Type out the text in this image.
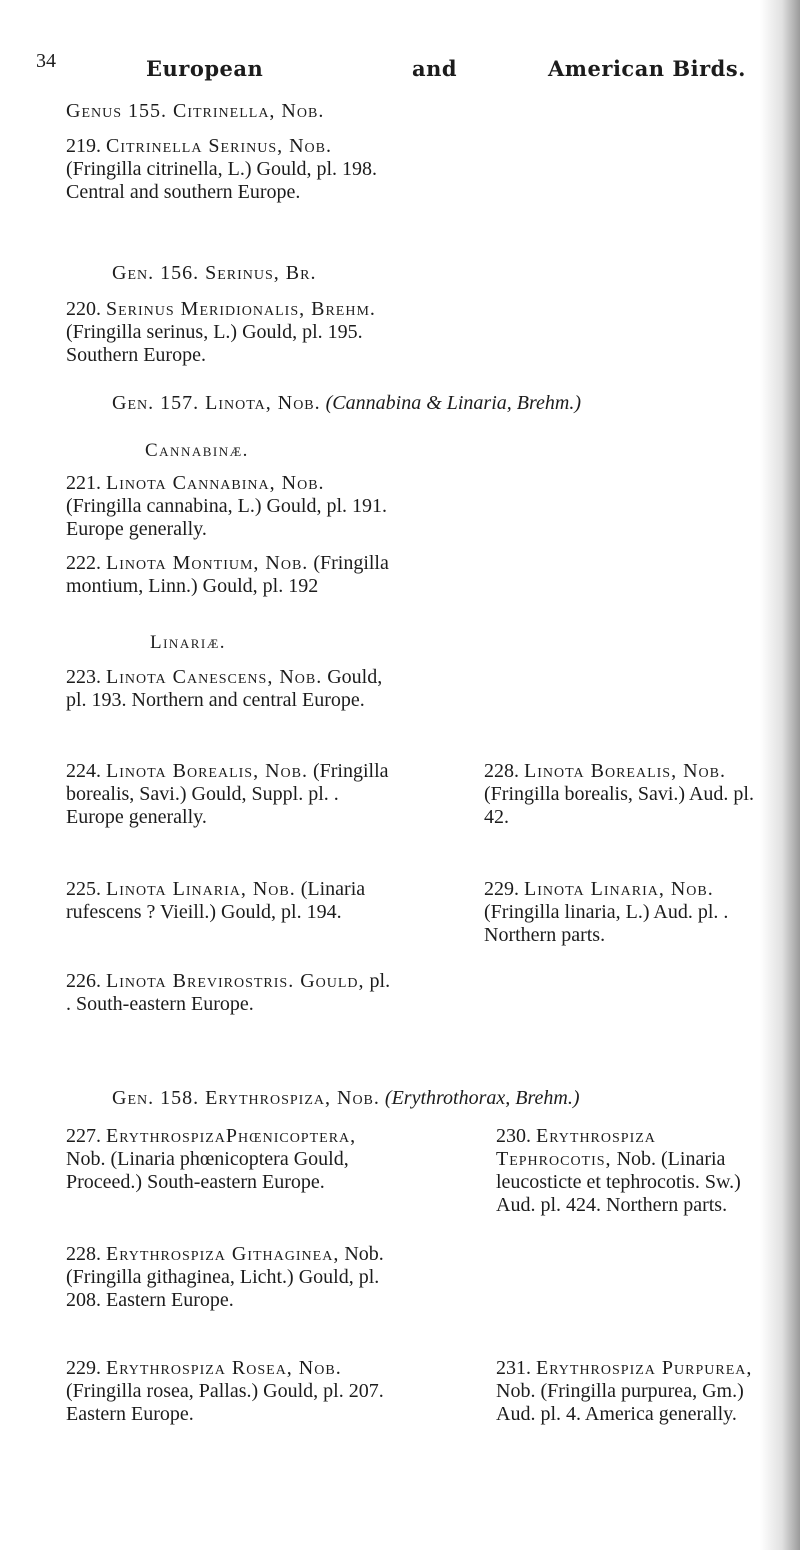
34	European	and	American Birds.
Genus 155. Citrinella, Nob.
219. Citrinella Serinus, Nob. (Fringilla citrinella, L.) Gould, pl. 198. Central and southern Europe.
Gen. 156. Serinus, Br.
220. Serinus Meridionalis, Brehm. (Fringilla serinus, L.) Gould, pl. 195. Southern Europe.
Gen. 157. Linota, Nob. (Cannabina & Linaria, Brehm.)
Cannabinæ.
221. Linota Cannabina, Nob. (Fringilla cannabina, L.) Gould, pl. 191. Europe generally.
222. Linota Montium, Nob. (Fringilla montium, Linn.) Gould, pl. 192
Linariæ.
223. Linota Canescens, Nob. Gould, pl. 193. Northern and central Europe.
224. Linota Borealis, Nob. (Fringilla borealis, Savi.) Gould, Suppl. pl. . Europe generally.
225. Linota Linaria, Nob. (Linaria rufescens ? Vieill.) Gould, pl. 194.
226. Linota Brevirostris. Gould, pl. . South-eastern Europe.
228. Linota Borealis, Nob. (Fringilla borealis, Savi.) Aud. pl. 42.
229. Linota Linaria, Nob. (Fringilla linaria, L.) Aud. pl. . Northern parts.
Gen. 158. Erythrospiza, Nob. (Erythrothorax, Brehm.)
227. ErythrospizaPhœnicoptera, Nob. (Linaria phœnicoptera Gould, Proceed.) South-eastern Europe.
228. Erythrospiza Githaginea, Nob. (Fringilla githaginea, Licht.) Gould, pl. 208. Eastern Europe.
229. Erythrospiza Rosea, Nob. (Fringilla rosea, Pallas.) Gould, pl. 207. Eastern Europe.
230. Erythrospiza Tephrocotis, Nob. (Linaria leucosticte et tephrocotis. Sw.) Aud. pl. 424. Northern parts.
231. Erythrospiza Purpurea, Nob. (Fringilla purpurea, Gm.) Aud. pl. 4. America generally.
